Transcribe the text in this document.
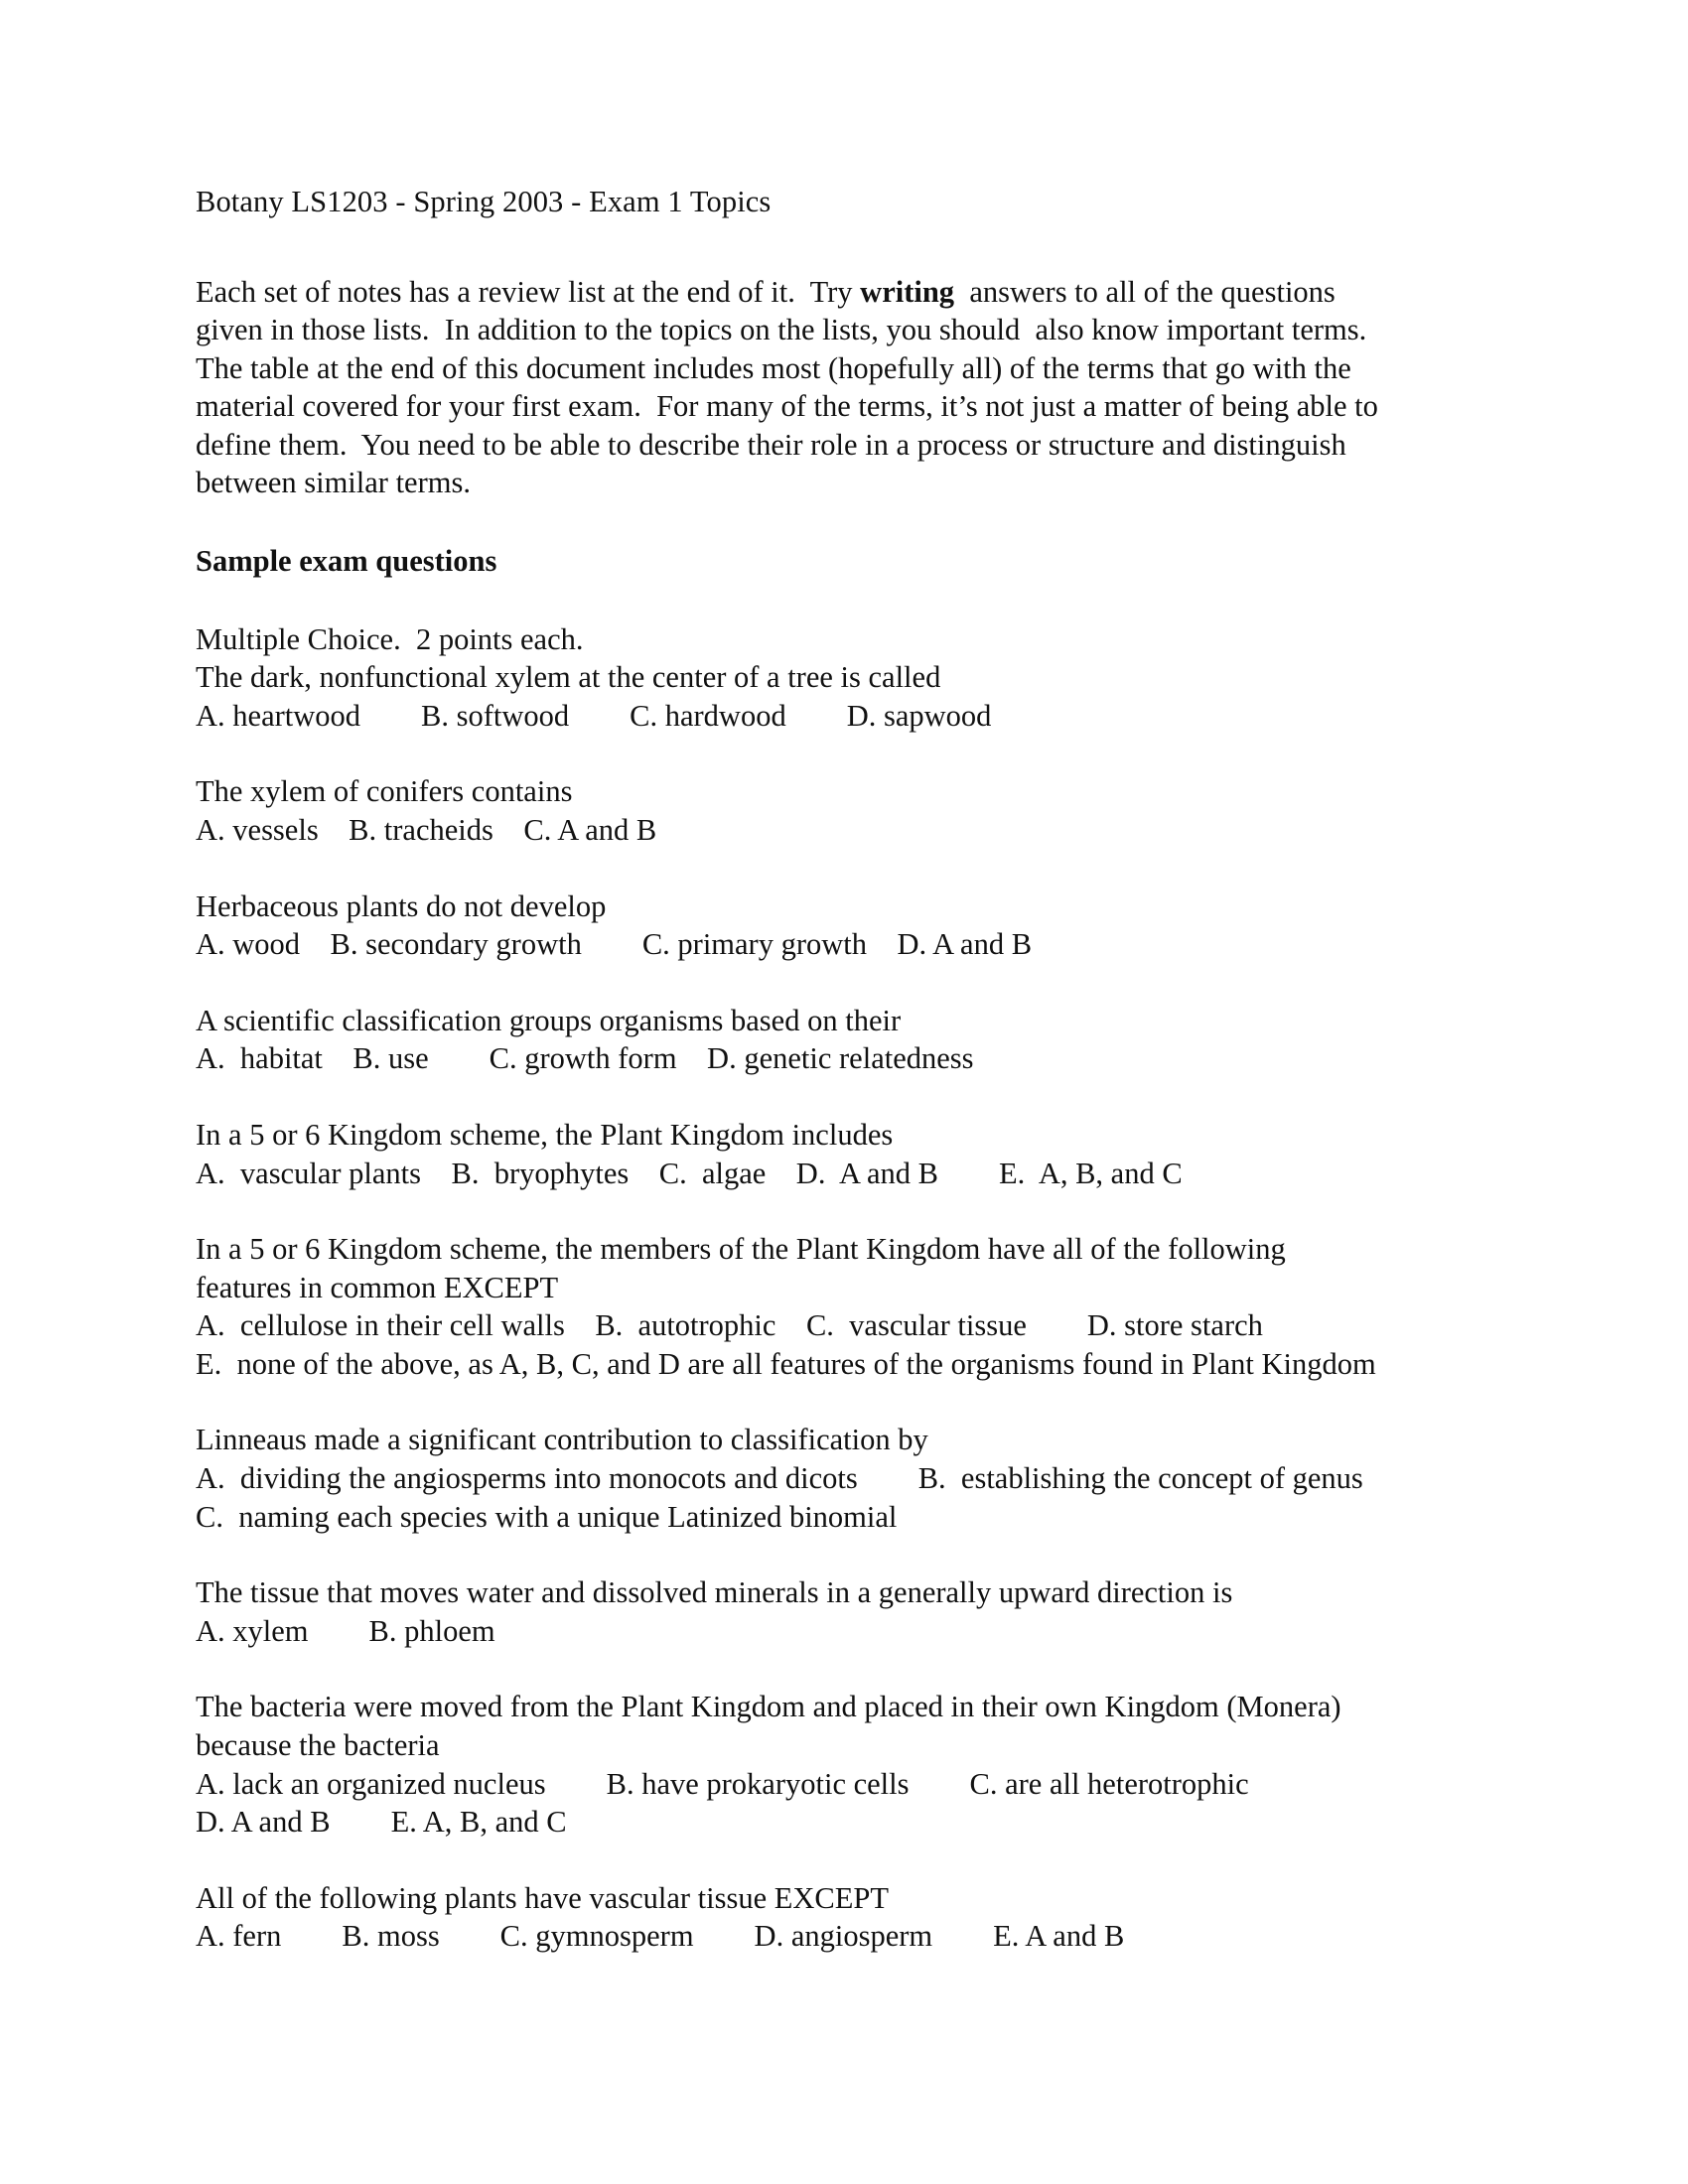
Botany LS1203 - Spring 2003 - Exam 1 Topics
Each set of notes has a review list at the end of it.  Try writing  answers to all of the questions
given in those lists.  In addition to the topics on the lists, you should  also know important terms.
The table at the end of this document includes most (hopefully all) of the terms that go with the
material covered for your first exam.  For many of the terms, it’s not just a matter of being able to
define them.  You need to be able to describe their role in a process or structure and distinguish
between similar terms.
Sample exam questions
Multiple Choice.  2 points each.
The dark, nonfunctional xylem at the center of a tree is called
A. heartwood        B. softwood        C. hardwood        D. sapwood
The xylem of conifers contains
A. vessels    B. tracheids    C. A and B
Herbaceous plants do not develop
A. wood    B. secondary growth        C. primary growth    D. A and B
A scientific classification groups organisms based on their
A.  habitat    B. use        C. growth form    D. genetic relatedness
In a 5 or 6 Kingdom scheme, the Plant Kingdom includes
A.  vascular plants    B.  bryophytes    C.  algae    D.  A and B        E.  A, B, and C
In a 5 or 6 Kingdom scheme, the members of the Plant Kingdom have all of the following
features in common EXCEPT
A.  cellulose in their cell walls    B.  autotrophic    C.  vascular tissue        D. store starch
E.  none of the above, as A, B, C, and D are all features of the organisms found in Plant Kingdom
Linneaus made a significant contribution to classification by
A.  dividing the angiosperms into monocots and dicots        B.  establishing the concept of genus
C.  naming each species with a unique Latinized binomial
The tissue that moves water and dissolved minerals in a generally upward direction is
A. xylem        B. phloem
The bacteria were moved from the Plant Kingdom and placed in their own Kingdom (Monera)
because the bacteria
A. lack an organized nucleus        B. have prokaryotic cells        C. are all heterotrophic
D. A and B        E. A, B, and C
All of the following plants have vascular tissue EXCEPT
A. fern        B. moss        C. gymnosperm        D. angiosperm        E. A and B
